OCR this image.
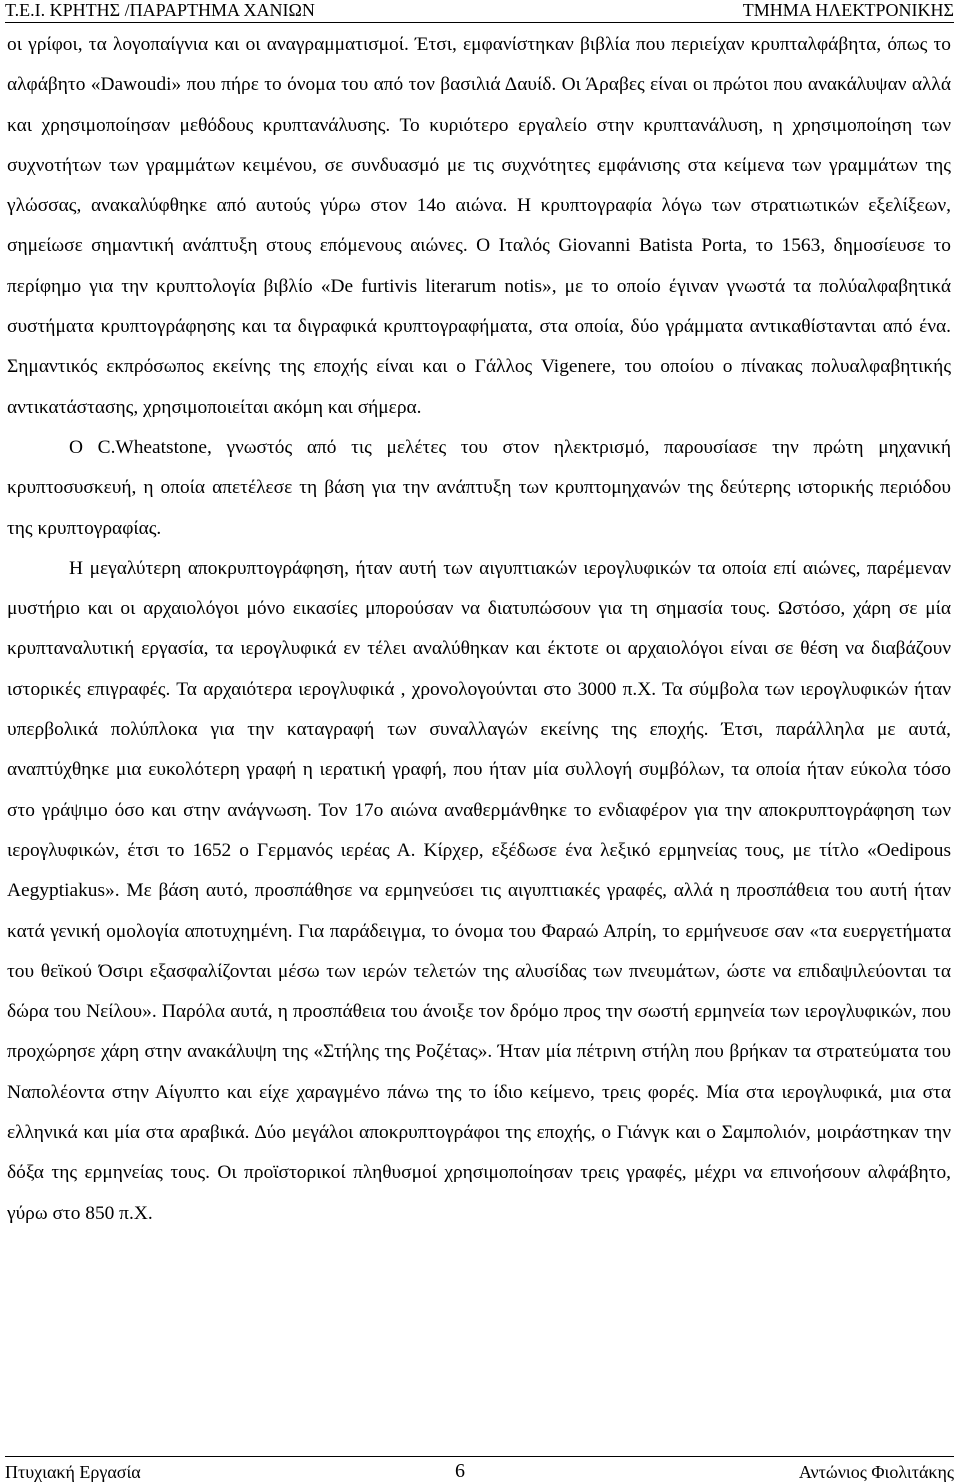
Τ.Ε.Ι. ΚΡΗΤΗΣ /ΠΑΡΑΡΤΗΜΑ ΧΑΝΙΩΝ	ΤΜΗΜΑ ΗΛΕΚΤΡΟΝΙΚΗΣ

οι γρίφοι, τα λογοπαίγνια και οι αναγραμματισμοί. Έτσι, εμφανίστηκαν βιβλία που περιείχαν κρυπταλφάβητα, όπως το αλφάβητο «Dawoudi» που πήρε το όνομα του από τον βασιλιά Δαυίδ. Οι Άραβες είναι οι πρώτοι που ανακάλυψαν αλλά και χρησιμοποίησαν μεθόδους κρυπτανάλυσης. Το κυριότερο εργαλείο στην κρυπτανάλυση, η χρησιμοποίηση των συχνοτήτων των γραμμάτων κειμένου, σε συνδυασμό με τις συχνότητες εμφάνισης στα κείμενα των γραμμάτων της γλώσσας, ανακαλύφθηκε από αυτούς γύρω στον 14ο αιώνα. Η κρυπτογραφία λόγω των στρατιωτικών εξελίξεων, σημείωσε σημαντική ανάπτυξη στους επόμενους αιώνες. Ο Ιταλός Giovanni Batista Porta, το 1563, δημοσίευσε το περίφημο για την κρυπτολογία βιβλίο «De furtivis literarum notis», με το οποίο έγιναν γνωστά τα πολύαλφαβητικά συστήματα κρυπτογράφησης και τα διγραφικά κρυπτογραφήματα, στα οποία, δύο γράμματα αντικαθίστανται από ένα. Σημαντικός εκπρόσωπος εκείνης της εποχής είναι και ο Γάλλος Vigenere, του οποίου ο πίνακας πολυαλφαβητικής αντικατάστασης, χρησιμοποιείται ακόμη και σήμερα.

Ο C.Wheatstone, γνωστός από τις μελέτες του στον ηλεκτρισμό, παρουσίασε την πρώτη μηχανική κρυπτοσυσκευή, η οποία απετέλεσε τη βάση για την ανάπτυξη των κρυπτομηχανών της δεύτερης ιστορικής περιόδου της κρυπτογραφίας.

Η μεγαλύτερη αποκρυπτογράφηση, ήταν αυτή των αιγυπτιακών ιερογλυφικών τα οποία επί αιώνες, παρέμεναν μυστήριο και οι αρχαιολόγοι μόνο εικασίες μπορούσαν να διατυπώσουν για τη σημασία τους. Ωστόσο, χάρη σε μία κρυπταναλυτική εργασία, τα ιερογλυφικά εν τέλει αναλύθηκαν και έκτοτε οι αρχαιολόγοι είναι σε θέση να διαβάζουν ιστορικές επιγραφές. Τα αρχαιότερα ιερογλυφικά , χρονολογούνται στο 3000 π.Χ. Τα σύμβολα των ιερογλυφικών ήταν υπερβολικά πολύπλοκα για την καταγραφή των συναλλαγών εκείνης της εποχής. Έτσι, παράλληλα με αυτά, αναπτύχθηκε μια ευκολότερη γραφή η ιερατική γραφή, που ήταν μία συλλογή συμβόλων, τα οποία ήταν εύκολα τόσο στο γράψιμο όσο και στην ανάγνωση. Τον 17ο αιώνα αναθερμάνθηκε το ενδιαφέρον για την αποκρυπτογράφηση των ιερογλυφικών, έτσι το 1652 ο Γερμανός ιερέας Α. Κίρχερ, εξέδωσε ένα λεξικό ερμηνείας τους, με τίτλο «Oedipous Aegyptiakus». Με βάση αυτό, προσπάθησε να ερμηνεύσει τις αιγυπτιακές γραφές, αλλά η προσπάθεια του αυτή ήταν κατά γενική ομολογία αποτυχημένη. Για παράδειγμα, το όνομα του Φαραώ Απρίη, το ερμήνευσε σαν «τα ευεργετήματα του θεϊκού Όσιρι εξασφαλίζονται μέσω των ιερών τελετών της αλυσίδας των πνευμάτων, ώστε να επιδαψιλεύονται τα δώρα του Νείλου». Παρόλα αυτά, η προσπάθεια του άνοιξε τον δρόμο προς την σωστή ερμηνεία των ιερογλυφικών, που προχώρησε χάρη στην ανακάλυψη της «Στήλης της Ροζέτας». Ήταν μία πέτρινη στήλη που βρήκαν τα στρατεύματα του Ναπολέοντα στην Αίγυπτο και είχε χαραγμένο πάνω της το ίδιο κείμενο, τρεις φορές. Μία στα ιερογλυφικά, μια στα ελληνικά και μία στα αραβικά. Δύο μεγάλοι αποκρυπτογράφοι της εποχής, ο Γιάνγκ και ο Σαμπολιόν, μοιράστηκαν την δόξα της ερμηνείας τους. Οι προϊστορικοί πληθυσμοί χρησιμοποίησαν τρεις γραφές, μέχρι να επινοήσουν αλφάβητο, γύρω στο 850 π.Χ.

Πτυχιακή Εργασία	6	Αντώνιος Φιολιτάκης
